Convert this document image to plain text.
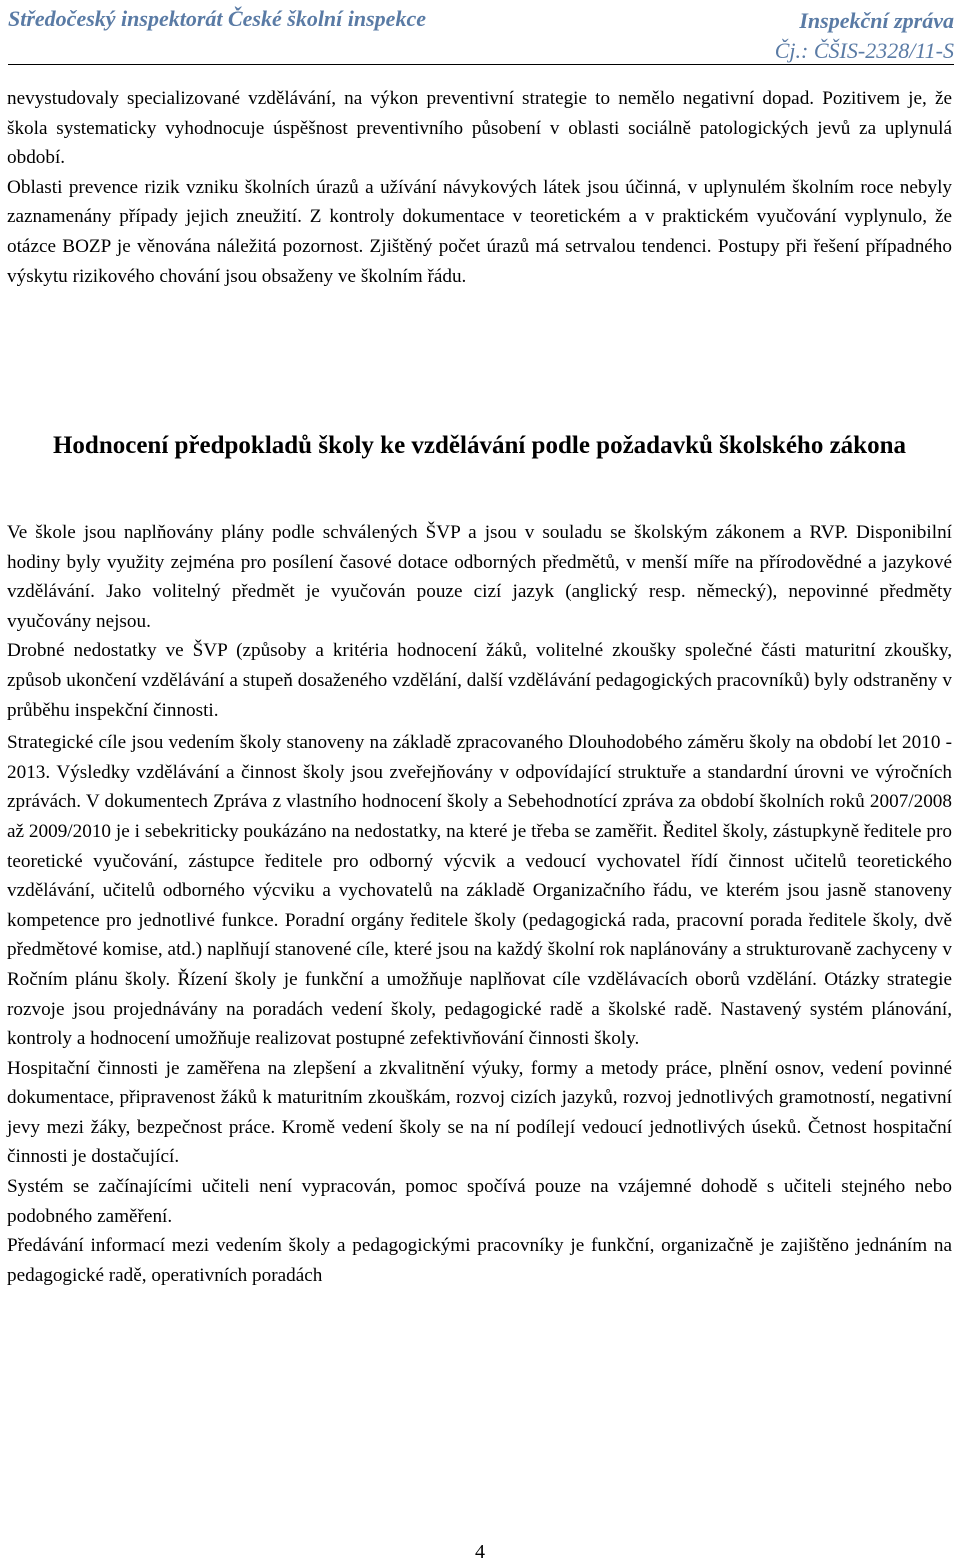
Středočeský inspektorát České školní inspekce	Inspekční zpráva
Čj.: ČŠIS-2328/11-S

nevystudovaly specializované vzdělávání, na výkon preventivní strategie to nemělo negativní dopad. Pozitivem je, že škola systematicky vyhodnocuje úspěšnost preventivního působení v oblasti sociálně patologických jevů za uplynulá období.

Oblasti prevence rizik vzniku školních úrazů a užívání návykových látek jsou účinná, v uplynulém školním roce nebyly zaznamenány případy jejich zneužití. Z kontroly dokumentace v teoretickém a v praktickém vyučování vyplynulo, že otázce BOZP je věnována náležitá pozornost. Zjištěný počet úrazů má setrvalou tendenci. Postupy při řešení případného výskytu rizikového chování jsou obsaženy ve školním řádu.

Hodnocení předpokladů školy ke vzdělávání podle požadavků školského zákona

Ve škole jsou naplňovány plány podle schválených ŠVP a jsou v souladu se školským zákonem a RVP. Disponibilní hodiny byly využity zejména pro posílení časové dotace odborných předmětů, v menší míře na přírodovědné a jazykové vzdělávání. Jako volitelný předmět je vyučován pouze cizí jazyk (anglický resp. německý), nepovinné předměty vyučovány nejsou.

Drobné nedostatky ve ŠVP (způsoby a kritéria hodnocení žáků, volitelné zkoušky společné části maturitní zkoušky, způsob ukončení vzdělávání a stupeň dosaženého vzdělání, další vzdělávání pedagogických pracovníků) byly odstraněny v průběhu inspekční činnosti.

Strategické cíle jsou vedením školy stanoveny na základě zpracovaného Dlouhodobého záměru školy na období let 2010 - 2013. Výsledky vzdělávání a činnost školy jsou zveřejňovány v odpovídající struktuře a standardní úrovni ve výročních zprávách. V dokumentech Zpráva z vlastního hodnocení školy a Sebehodnotící zpráva za období školních roků 2007/2008 až 2009/2010 je i sebekriticky poukázáno na nedostatky, na které je třeba se zaměřit. Ředitel školy, zástupkyně ředitele pro teoretické vyučování, zástupce ředitele pro odborný výcvik a vedoucí vychovatel řídí činnost učitelů teoretického vzdělávání, učitelů odborného výcviku a vychovatelů na základě Organizačního řádu, ve kterém jsou jasně stanoveny kompetence pro jednotlivé funkce. Poradní orgány ředitele školy (pedagogická rada, pracovní porada ředitele školy, dvě předmětové komise, atd.) naplňují stanovené cíle, které jsou na každý školní rok naplánovány a strukturovaně zachyceny v Ročním plánu školy. Řízení školy je funkční a umožňuje naplňovat cíle vzdělávacích oborů vzdělání. Otázky strategie rozvoje jsou projednávány na poradách vedení školy, pedagogické radě a školské radě. Nastavený systém plánování, kontroly a hodnocení umožňuje realizovat postupné zefektivňování činnosti školy.

Hospitační činnosti je zaměřena na zlepšení a zkvalitnění výuky, formy a metody práce, plnění osnov, vedení povinné dokumentace, připravenost žáků k maturitním zkouškám, rozvoj cizích jazyků, rozvoj jednotlivých gramotností, negativní jevy mezi žáky, bezpečnost práce. Kromě vedení školy se na ní podílejí vedoucí jednotlivých úseků. Četnost hospitační činnosti je dostačující.

Systém se začínajícími učiteli není vypracován, pomoc spočívá pouze na vzájemné dohodě s učiteli stejného nebo podobného zaměření.

Předávání informací mezi vedením školy a pedagogickými pracovníky je funkční, organizačně je zajištěno jednáním na pedagogické radě, operativních poradách

4
